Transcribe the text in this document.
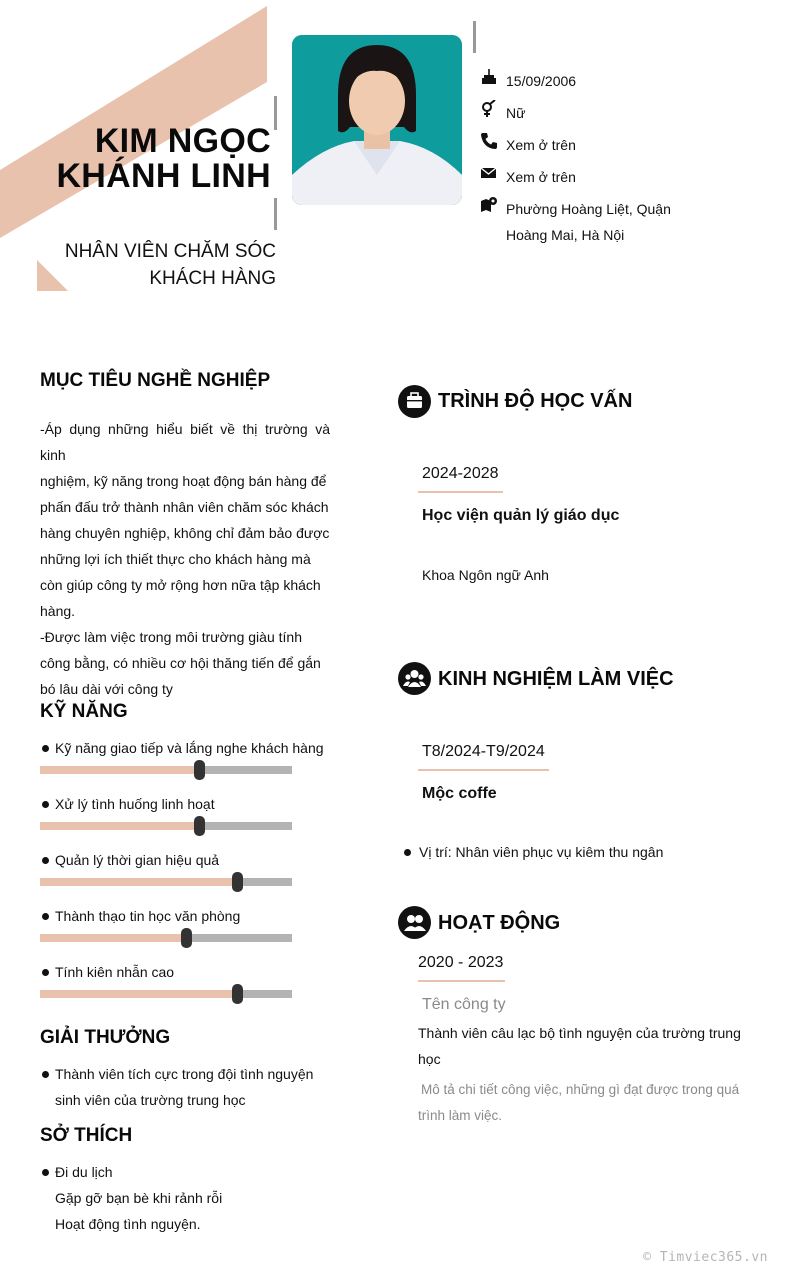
KIM NGỌC
KHÁNH LINH
NHÂN VIÊN CHĂM SÓC
KHÁCH HÀNG
15/09/2006
Nữ
Xem ở trên
Xem ở trên
Phường Hoàng Liệt, Quận
Hoàng Mai, Hà Nội
MỤC TIÊU NGHỀ NGHIỆP
-Áp dụng những hiểu biết về thị trường và kinh
nghiệm, kỹ năng trong hoạt động bán hàng để
phấn đấu trở thành nhân viên chăm sóc khách
hàng chuyên nghiệp, không chỉ đảm bảo được
những lợi ích thiết thực cho khách hàng mà
còn giúp công ty mở rộng hơn nữa tập khách
hàng.
-Được làm việc trong môi trường giàu tính
công bằng, có nhiều cơ hội thăng tiến để gắn
bó lâu dài với công ty
KỸ NĂNG
Kỹ năng giao tiếp và lắng nghe khách hàng
Xử lý tình huống linh hoạt
Quản lý thời gian hiệu quả
Thành thạo tin học văn phòng
Tính kiên nhẫn cao
GIẢI THƯỞNG
Thành viên tích cực trong đội tình nguyện
sinh viên của trường trung học
SỞ THÍCH
Đi du lịch
Gặp gỡ bạn bè khi rảnh rỗi
Hoạt động tình nguyện.
TRÌNH ĐỘ HỌC VẤN
2024-2028
Học viện quản lý giáo dục
Khoa Ngôn ngữ Anh
KINH NGHIỆM LÀM VIỆC
T8/2024-T9/2024
Mộc coffe
Vị trí: Nhân viên phục vụ kiêm thu ngân
HOẠT ĐỘNG
2020 - 2023
Tên công ty
Thành viên câu lạc bộ tình nguyện của trường trung
học
Mô tả chi tiết công việc, những gì đạt được trong quá
trình làm việc.
© Timviec365.vn
